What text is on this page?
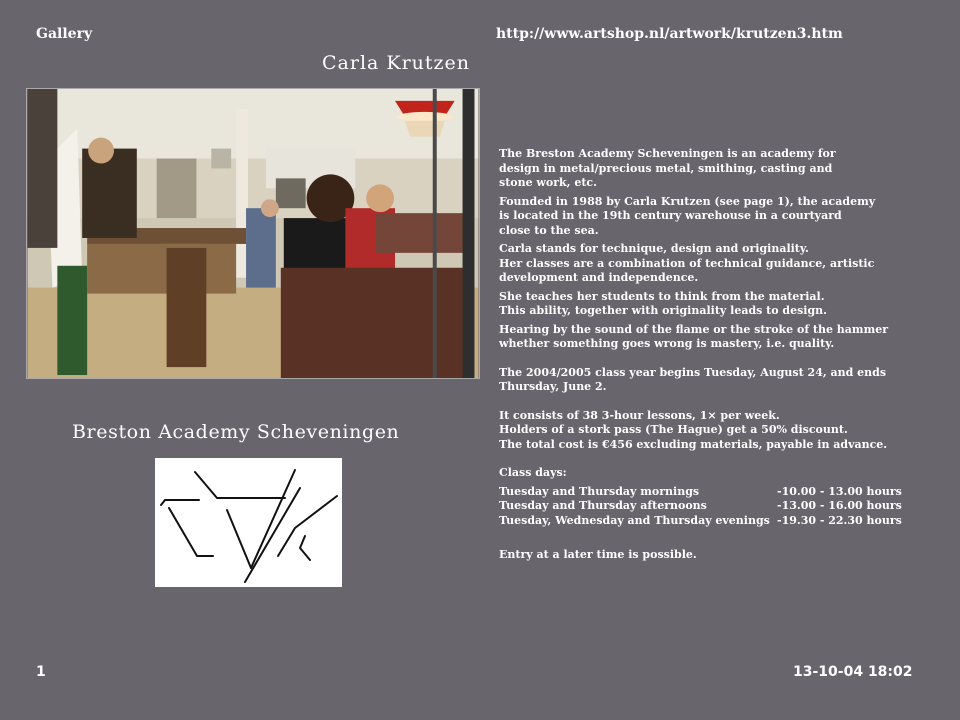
Gallery	http://www.artshop.nl/artwork/krutzen3.htm
Carla Krutzen
Breston Academy Scheveningen

The Breston Academy Scheveningen is an academy for
design in metal/precious metal, smithing, casting and
stone work, etc.

Founded in 1988 by Carla Krutzen (see page 1), the academy
is located in the 19th century warehouse in a courtyard
close to the sea.

Carla stands for technique, design and originality.
Her classes are a combination of technical guidance, artistic
development and independence.

She teaches her students to think from the material.
This ability, together with originality leads to design.

Hearing by the sound of the flame or the stroke of the hammer
whether something goes wrong is mastery, i.e. quality.

The 2004/2005 class year begins Tuesday, August 24, and ends
Thursday, June 2.

It consists of 38 3-hour lessons, 1× per week.
Holders of a stork pass (The Hague) get a 50% discount.
The total cost is €456 excluding materials, payable in advance.

Class days:

Tuesday and Thursday mornings	-10.00 - 13.00 hours
Tuesday and Thursday afternoons	-13.00 - 16.00 hours
Tuesday, Wednesday and Thursday evenings -19.30 - 22.30 hours

Entry at a later time is possible.

1	13-10-04 18:02
